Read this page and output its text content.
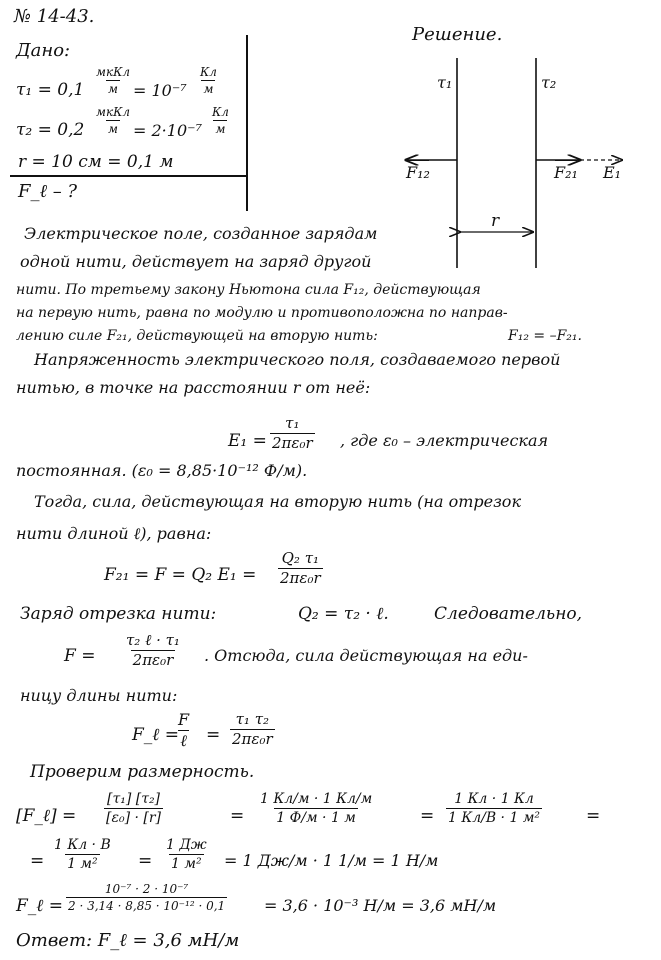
№ 14-43.
Дано:
τ₁ = 0,1
мкКл
м = 10⁻⁷
Кл
м
τ₂ = 0,2
мкКл
м = 2·10⁻⁷
Кл
м
r = 10 см = 0,1 м
F_ℓ – ?
Решение.
τ₁	τ₂
F₁₂	F₂₁ E₁
r
Электрическое поле, созданное зарядам
одной нити, действует на заряд другой
нити. По третьему закону Ньютона сила F₁₂, действующая
на первую нить, равна по модулю и противоположна по направ-
лению силе F₂₁, действующей на вторую нить:	F₁₂ = –F₂₁.
Напряженность электрического поля, создаваемого первой
нитью, в точке на расстоянии r от неё:
$E_1 = \frac{\text{τ₁}}{\text{2πε₀r}}$ , где ε₀ – электрическая
постоянная. (ε₀ = 8,85·10⁻¹² Ф/м).
Тогда, сила, действующая на вторую нить (на отрезок
нити длиной ℓ), равна:
F₂₁ = F = Q₂ $E_1 = \frac{\text{Q₂ τ₁}}{\text{2πε₀r}}$
Заряд отрезка нити:	Q₂ = τ₂ · ℓ.	Следовательно,
F =
τ₂ ℓ · τ₁
2πε₀r . Отсюда, сила действующая на еди-
ницу длины нити:
F_ℓ =
F
ℓ = $\frac{\text{τ₁ τ₂}}{\text{2πε₀r}}$
Проверим размерность.
[F_ℓ] = $\frac{\text{[τ₁] [τ₂]}}{\text{[ε₀] · [r]}}$	=
1 Кл/м · 1 Кл/м
1 Ф/м · 1 м	=
1 Кл · 1 Кл
1 Кл/В · 1 м²	=
=
1 Кл · В
1 м² =
1 Дж
1 м² = 1 Дж/м · 1 1/м = 1 Н/м
F_ℓ = $\frac{\text{10⁻⁷ · 2 · 10⁻⁷}}{\text{2 · 3,14 · 8,85 · 10⁻¹² · 0,1}} = 3,6 \cdot 10^{-3}$ Н/м = 3,6 мН/м
Ответ: F_ℓ = 3,6 мН/м
